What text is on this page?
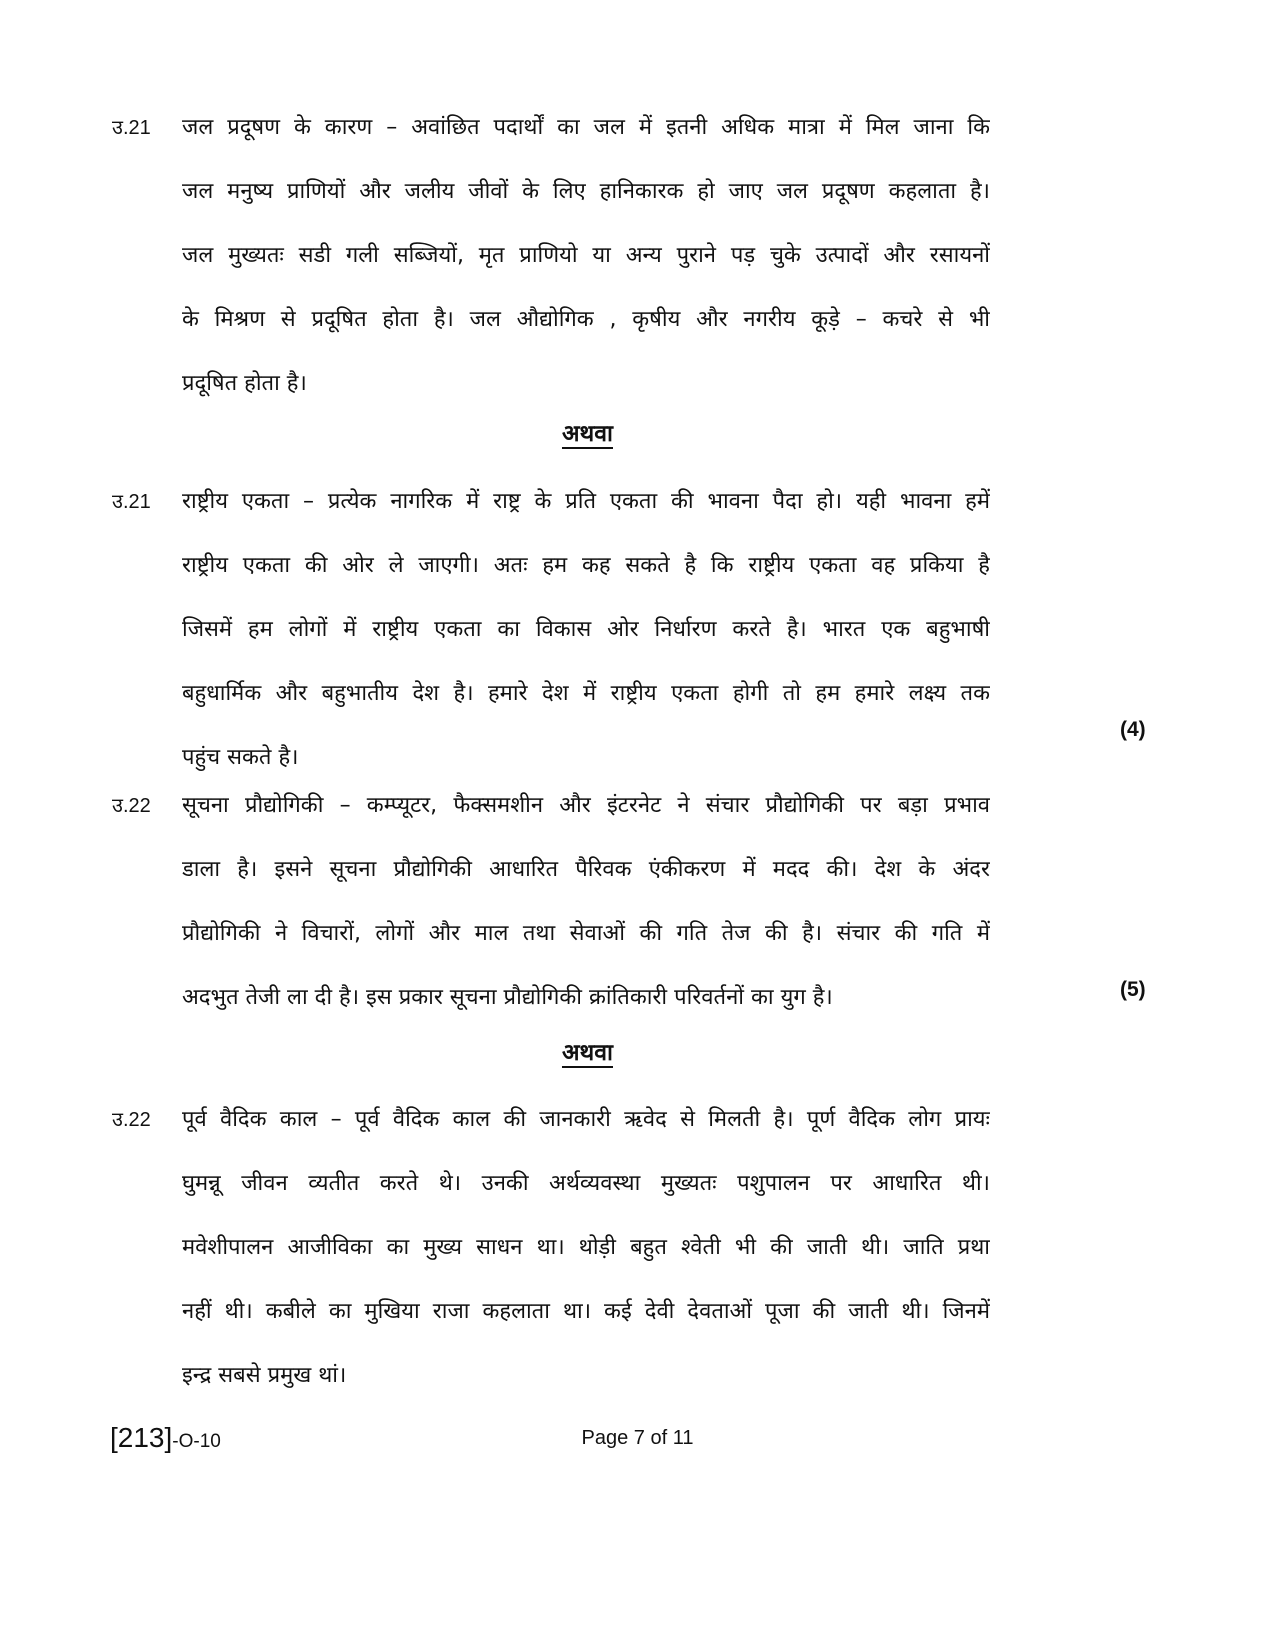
उ.21	जल प्रदूषण के कारण – अवांछित पदार्थों का जल में इतनी अधिक मात्रा में मिल जाना कि
जल मनुष्य प्राणियों और जलीय जीवों के लिए हानिकारक हो जाए जल प्रदूषण कहलाता है।
जल मुख्यतः सडी गली सब्जियों, मृत प्राणियो या अन्य पुराने पड़ चुके उत्पादों और रसायनों
के मिश्रण से प्रदूषित होता है। जल औद्योगिक , कृषीय और नगरीय कूड़े – कचरे से भी
प्रदूषित होता है।
अथवा
उ.21	राष्ट्रीय एकता – प्रत्येक नागरिक में राष्ट्र के प्रति एकता की भावना पैदा हो। यही भावना हमें
राष्ट्रीय एकता की ओर ले जाएगी। अतः हम कह सकते है कि राष्ट्रीय एकता वह प्रकिया है
जिसमें हम लोगों में राष्ट्रीय एकता का विकास ओर निर्धारण करते है। भारत एक बहुभाषी
बहुधार्मिक और बहुभातीय देश है। हमारे देश में राष्ट्रीय एकता होगी तो हम हमारे लक्ष्य तक
पहुंच सकते है।
(4)
उ.22	सूचना प्रौद्योगिकी – कम्प्यूटर, फैक्समशीन और इंटरनेट ने संचार प्रौद्योगिकी पर बड़ा प्रभाव
डाला है। इसने सूचना प्रौद्योगिकी आधारित पैरिवक एंकीकरण में मदद की। देश के अंदर
प्रौद्योगिकी ने विचारों, लोगों और माल तथा सेवाओं की गति तेज की है। संचार की गति में
अदभुत तेजी ला दी है। इस प्रकार सूचना प्रौद्योगिकी क्रांतिकारी परिवर्तनों का युग है।	(5)
अथवा
उ.22	पूर्व वैदिक काल – पूर्व वैदिक काल की जानकारी ऋवेद से मिलती है। पूर्ण वैदिक लोग प्रायः
घुमन्नू जीवन व्यतीत करते थे। उनकी अर्थव्यवस्था मुख्यतः पशुपालन पर आधारित थी।
मवेशीपालन आजीविका का मुख्य साधन था। थोड़ी बहुत श्वेती भी की जाती थी। जाति प्रथा
नहीं थी। कबीले का मुखिया राजा कहलाता था। कई देवी देवताओं पूजा की जाती थी। जिनमें
इन्द्र सबसे प्रमुख थां।
[213]-O-10	Page 7 of 11
